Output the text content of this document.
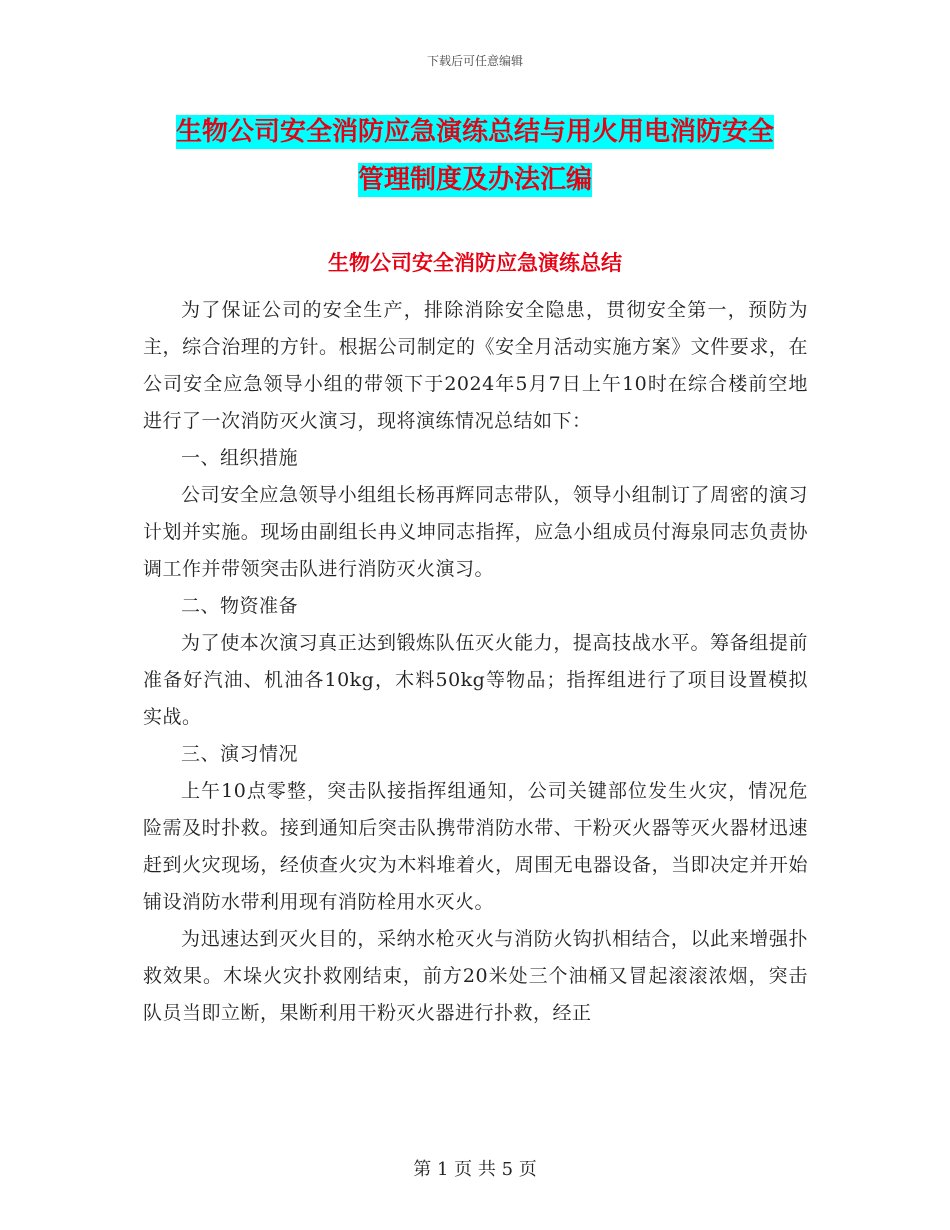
下载后可任意编辑
生物公司安全消防应急演练总结与用火用电消防安全
管理制度及办法汇编
生物公司安全消防应急演练总结

为了保证公司的安全生产，排除消除安全隐患，贯彻安全第一，预防为主，综合治理的方针。根据公司制定的《安全月活动实施方案》文件要求，在公司安全应急领导小组的带领下于2024年5月7日上午10时在综合楼前空地进行了一次消防灭火演习，现将演练情况总结如下：

一、组织措施

公司安全应急领导小组组长杨再辉同志带队，领导小组制订了周密的演习计划并实施。现场由副组长冉义坤同志指挥，应急小组成员付海泉同志负责协调工作并带领突击队进行消防灭火演习。

二、物资准备

为了使本次演习真正达到锻炼队伍灭火能力，提高技战水平。筹备组提前准备好汽油、机油各10kg，木料50kg等物品；指挥组进行了项目设置模拟实战。

三、演习情况

上午10点零整，突击队接指挥组通知，公司关键部位发生火灾，情况危险需及时扑救。接到通知后突击队携带消防水带、干粉灭火器等灭火器材迅速赶到火灾现场，经侦查火灾为木料堆着火，周围无电器设备，当即决定并开始铺设消防水带利用现有消防栓用水灭火。

为迅速达到灭火目的，采纳水枪灭火与消防火钩扒相结合，以此来增强扑救效果。木垛火灾扑救刚结束，前方20米处三个油桶又冒起滚滚浓烟，突击队员当即立断，果断利用干粉灭火器进行扑救，经正

第 1 页 共 5 页
